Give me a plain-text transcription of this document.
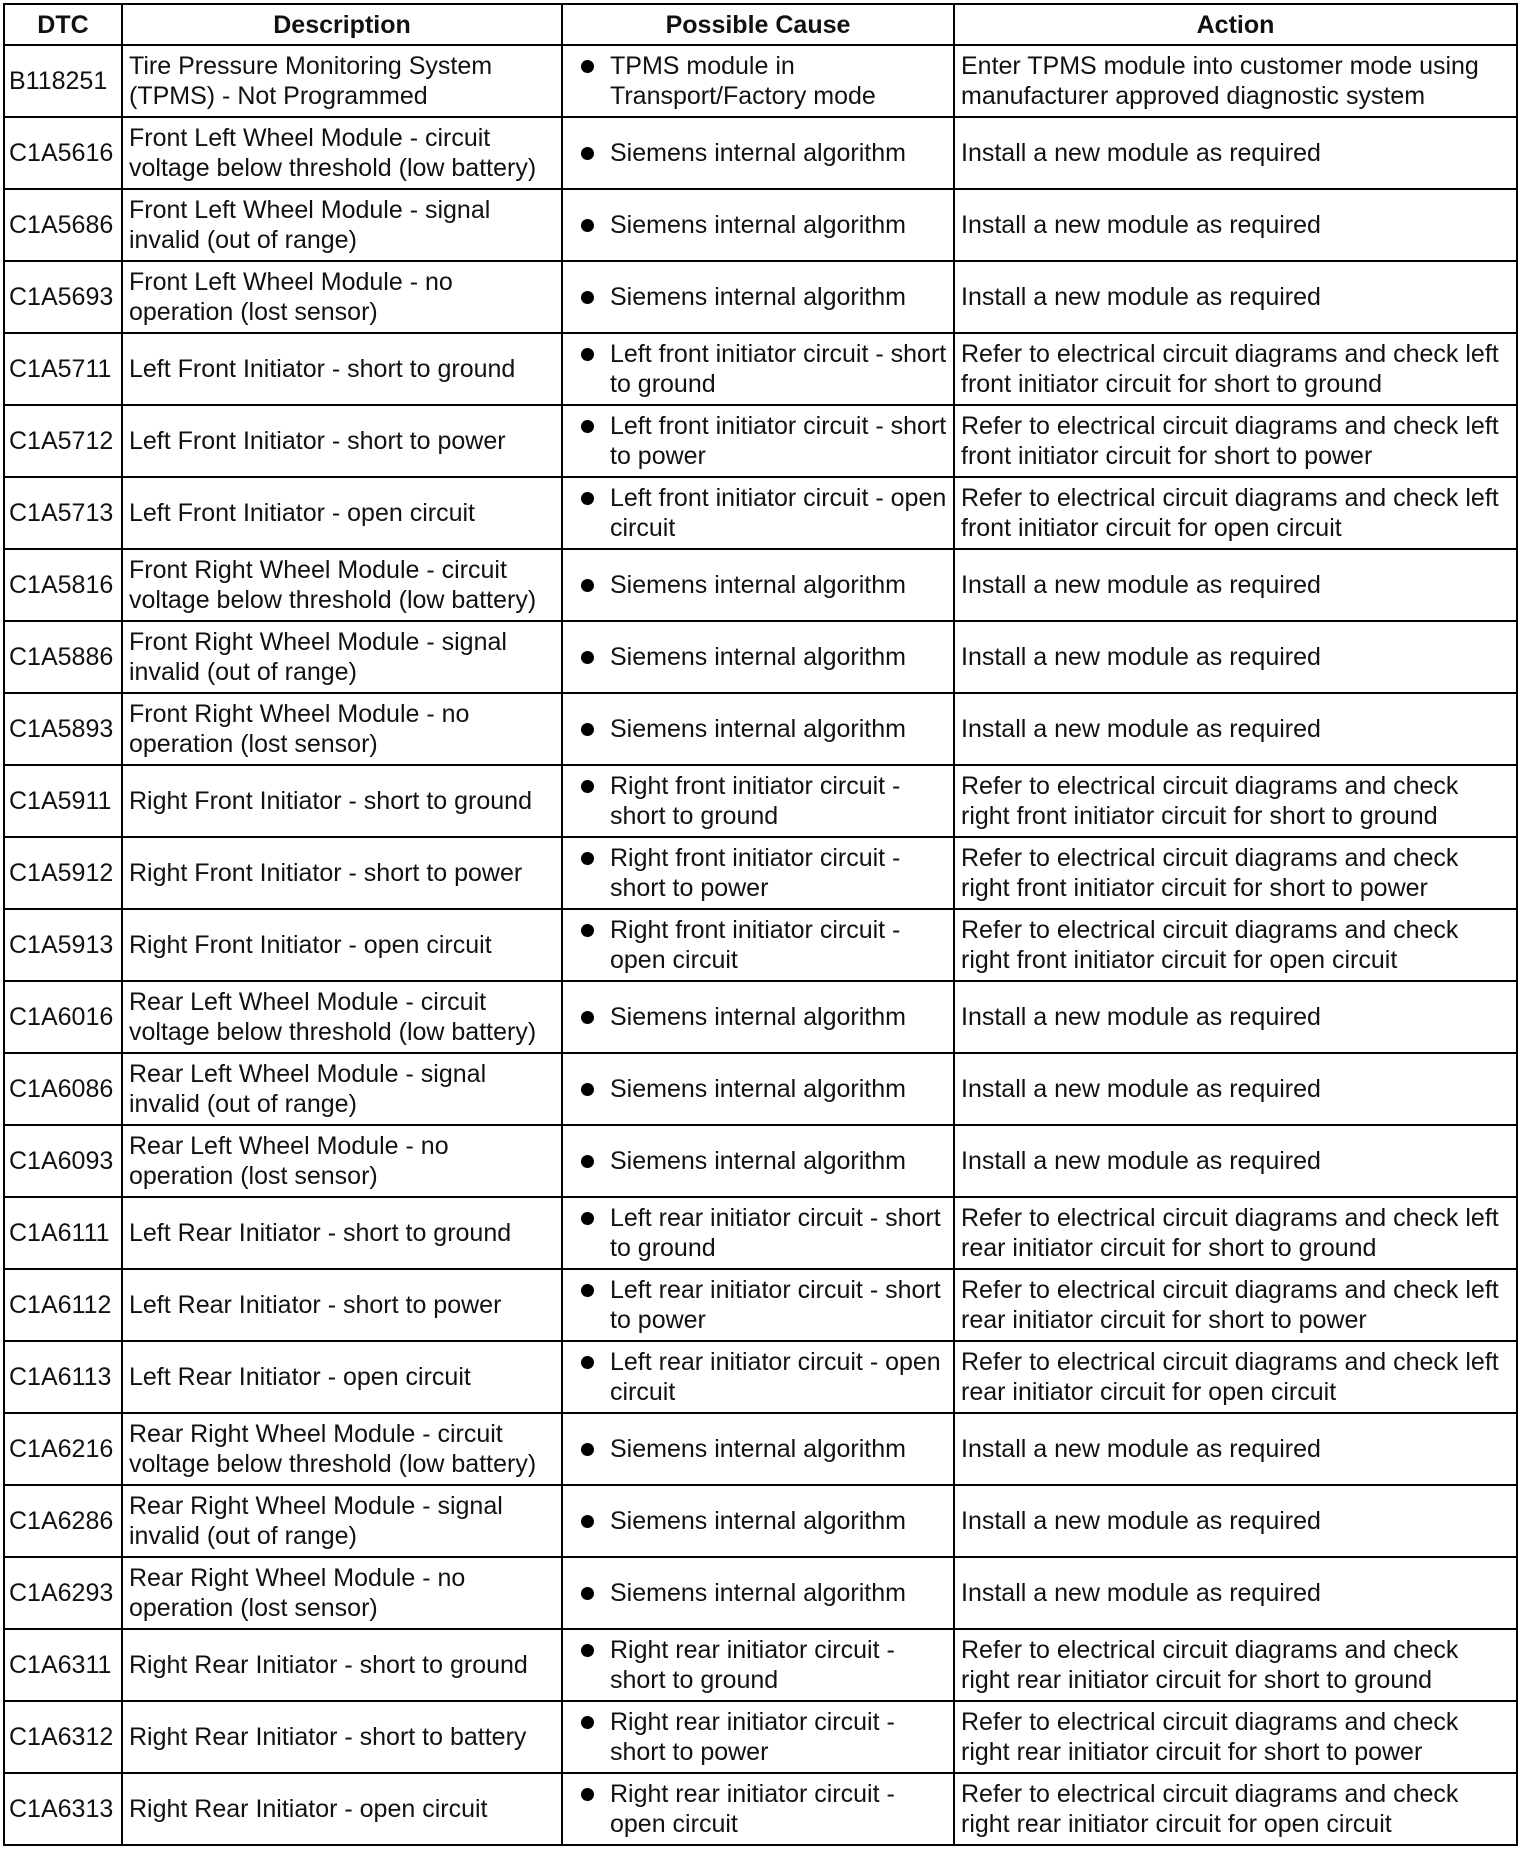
DTC	Description	Possible Cause	Action
B118251	Tire Pressure Monitoring System (TPMS) - Not Programmed	TPMS module in Transport/Factory mode	Enter TPMS module into customer mode using manufacturer approved diagnostic system
C1A5616	Front Left Wheel Module - circuit voltage below threshold (low battery)	Siemens internal algorithm	Install a new module as required
C1A5686	Front Left Wheel Module - signal invalid (out of range)	Siemens internal algorithm	Install a new module as required
C1A5693	Front Left Wheel Module - no operation (lost sensor)	Siemens internal algorithm	Install a new module as required
C1A5711	Left Front Initiator - short to ground	Left front initiator circuit - short to ground	Refer to electrical circuit diagrams and check left front initiator circuit for short to ground
C1A5712	Left Front Initiator - short to power	Left front initiator circuit - short to power	Refer to electrical circuit diagrams and check left front initiator circuit for short to power
C1A5713	Left Front Initiator - open circuit	Left front initiator circuit - open circuit	Refer to electrical circuit diagrams and check left front initiator circuit for open circuit
C1A5816	Front Right Wheel Module - circuit voltage below threshold (low battery)	Siemens internal algorithm	Install a new module as required
C1A5886	Front Right Wheel Module - signal invalid (out of range)	Siemens internal algorithm	Install a new module as required
C1A5893	Front Right Wheel Module - no operation (lost sensor)	Siemens internal algorithm	Install a new module as required
C1A5911	Right Front Initiator - short to ground	Right front initiator circuit - short to ground	Refer to electrical circuit diagrams and check right front initiator circuit for short to ground
C1A5912	Right Front Initiator - short to power	Right front initiator circuit - short to power	Refer to electrical circuit diagrams and check right front initiator circuit for short to power
C1A5913	Right Front Initiator - open circuit	Right front initiator circuit - open circuit	Refer to electrical circuit diagrams and check right front initiator circuit for open circuit
C1A6016	Rear Left Wheel Module - circuit voltage below threshold (low battery)	Siemens internal algorithm	Install a new module as required
C1A6086	Rear Left Wheel Module - signal invalid (out of range)	Siemens internal algorithm	Install a new module as required
C1A6093	Rear Left Wheel Module - no operation (lost sensor)	Siemens internal algorithm	Install a new module as required
C1A6111	Left Rear Initiator - short to ground	Left rear initiator circuit - short to ground	Refer to electrical circuit diagrams and check left rear initiator circuit for short to ground
C1A6112	Left Rear Initiator - short to power	Left rear initiator circuit - short to power	Refer to electrical circuit diagrams and check left rear initiator circuit for short to power
C1A6113	Left Rear Initiator - open circuit	Left rear initiator circuit - open circuit	Refer to electrical circuit diagrams and check left rear initiator circuit for open circuit
C1A6216	Rear Right Wheel Module - circuit voltage below threshold (low battery)	Siemens internal algorithm	Install a new module as required
C1A6286	Rear Right Wheel Module - signal invalid (out of range)	Siemens internal algorithm	Install a new module as required
C1A6293	Rear Right Wheel Module - no operation (lost sensor)	Siemens internal algorithm	Install a new module as required
C1A6311	Right Rear Initiator - short to ground	Right rear initiator circuit - short to ground	Refer to electrical circuit diagrams and check right rear initiator circuit for short to ground
C1A6312	Right Rear Initiator - short to battery	Right rear initiator circuit - short to power	Refer to electrical circuit diagrams and check right rear initiator circuit for short to power
C1A6313	Right Rear Initiator - open circuit	Right rear initiator circuit - open circuit	Refer to electrical circuit diagrams and check right rear initiator circuit for open circuit
